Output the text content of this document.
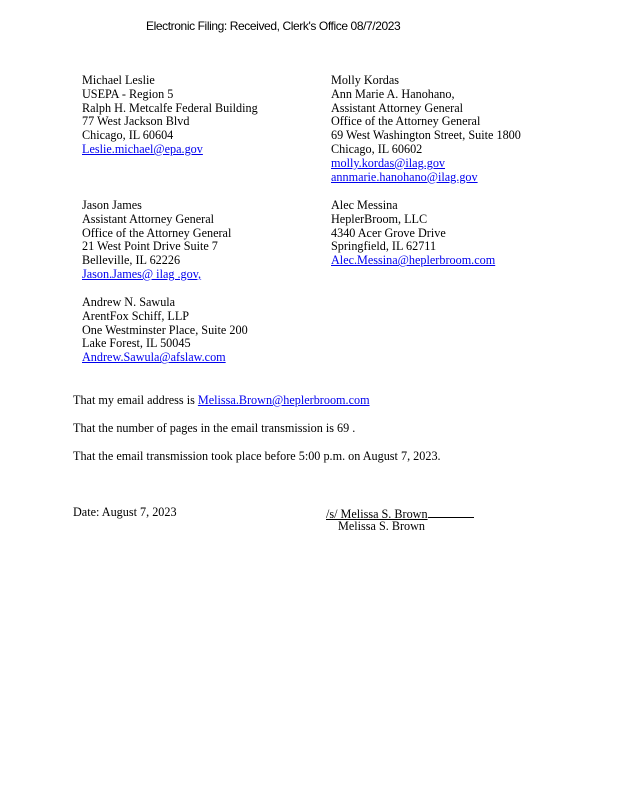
Electronic Filing: Received, Clerk's Office 08/7/2023
Michael Leslie
USEPA - Region 5
Ralph H. Metcalfe Federal Building
77 West Jackson Blvd
Chicago, IL 60604
Leslie.michael@epa.gov
Molly Kordas
Ann Marie A. Hanohano,
Assistant Attorney General
Office of the Attorney General
69 West Washington Street, Suite 1800
Chicago, IL 60602
molly.kordas@ilag.gov
annmarie.hanohano@ilag.gov
Jason James
Assistant Attorney General
Office of the Attorney General
21 West Point Drive Suite 7
Belleville, IL 62226
Jason.James@ ilag .gov,
Alec Messina
HeplerBroom, LLC
4340 Acer Grove Drive
Springfield, IL 62711
Alec.Messina@heplerbroom.com
Andrew N. Sawula
ArentFox Schiff, LLP
One Westminster Place, Suite 200
Lake Forest, IL 50045
Andrew.Sawula@afslaw.com
That my email address is Melissa.Brown@heplerbroom.com
That the number of pages in the email transmission is 69 .
That the email transmission took place before 5:00 p.m. on August 7, 2023.
Date: August 7, 2023	/s/ Melissa S. Brown
Melissa S. Brown
